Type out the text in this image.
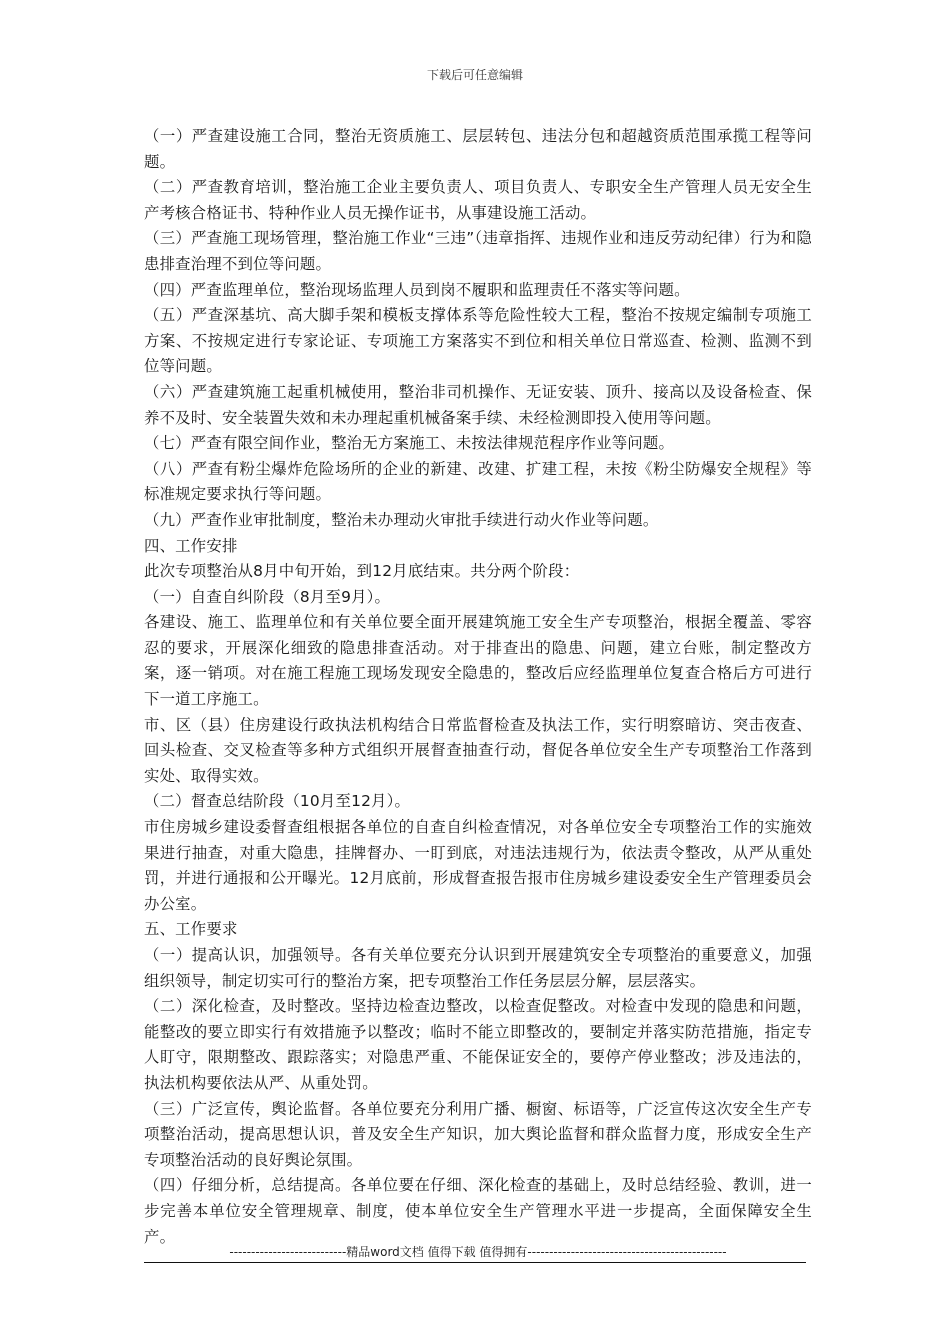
下载后可任意编辑

（一）严查建设施工合同，整治无资质施工、层层转包、违法分包和超越资质范围承揽工程等问题。

（二）严查教育培训，整治施工企业主要负责人、项目负责人、专职安全生产管理人员无安全生产考核合格证书、特种作业人员无操作证书，从事建设施工活动。

（三）严查施工现场管理，整治施工作业“三违”（违章指挥、违规作业和违反劳动纪律）行为和隐患排查治理不到位等问题。

（四）严查监理单位，整治现场监理人员到岗不履职和监理责任不落实等问题。

（五）严查深基坑、高大脚手架和模板支撑体系等危险性较大工程，整治不按规定编制专项施工方案、不按规定进行专家论证、专项施工方案落实不到位和相关单位日常巡查、检测、监测不到位等问题。

（六）严查建筑施工起重机械使用，整治非司机操作、无证安装、顶升、接高以及设备检查、保养不及时、安全装置失效和未办理起重机械备案手续、未经检测即投入使用等问题。

（七）严查有限空间作业，整治无方案施工、未按法律规范程序作业等问题。

（八）严查有粉尘爆炸危险场所的企业的新建、改建、扩建工程，未按《粉尘防爆安全规程》等标准规定要求执行等问题。

（九）严查作业审批制度，整治未办理动火审批手续进行动火作业等问题。

四、工作安排

此次专项整治从8月中旬开始，到12月底结束。共分两个阶段：

（一）自查自纠阶段（8月至9月）。

各建设、施工、监理单位和有关单位要全面开展建筑施工安全生产专项整治，根据全覆盖、零容忍的要求，开展深化细致的隐患排查活动。对于排查出的隐患、问题，建立台账，制定整改方案，逐一销项。对在施工程施工现场发现安全隐患的，整改后应经监理单位复查合格后方可进行下一道工序施工。

市、区（县）住房建设行政执法机构结合日常监督检查及执法工作，实行明察暗访、突击夜查、回头检查、交叉检查等多种方式组织开展督查抽查行动，督促各单位安全生产专项整治工作落到实处、取得实效。

（二）督查总结阶段（10月至12月）。

市住房城乡建设委督查组根据各单位的自查自纠检查情况，对各单位安全专项整治工作的实施效果进行抽查，对重大隐患，挂牌督办、一盯到底，对违法违规行为，依法责令整改，从严从重处罚，并进行通报和公开曝光。12月底前，形成督查报告报市住房城乡建设委安全生产管理委员会办公室。

五、工作要求

（一）提高认识，加强领导。各有关单位要充分认识到开展建筑安全专项整治的重要意义，加强组织领导，制定切实可行的整治方案，把专项整治工作任务层层分解，层层落实。

（二）深化检查，及时整改。坚持边检查边整改，以检查促整改。对检查中发现的隐患和问题，能整改的要立即实行有效措施予以整改；临时不能立即整改的，要制定并落实防范措施，指定专人盯守，限期整改、跟踪落实；对隐患严重、不能保证安全的，要停产停业整改；涉及违法的，执法机构要依法从严、从重处罚。

（三）广泛宣传，舆论监督。各单位要充分利用广播、橱窗、标语等，广泛宣传这次安全生产专项整治活动，提高思想认识，普及安全生产知识，加大舆论监督和群众监督力度，形成安全生产专项整治活动的良好舆论氛围。

（四）仔细分析，总结提高。各单位要在仔细、深化检查的基础上，及时总结经验、教训，进一步完善本单位安全管理规章、制度，使本单位安全生产管理水平进一步提高，全面保障安全生产。

---------------------------精品word文档 值得下载 值得拥有----------------------------------------------
